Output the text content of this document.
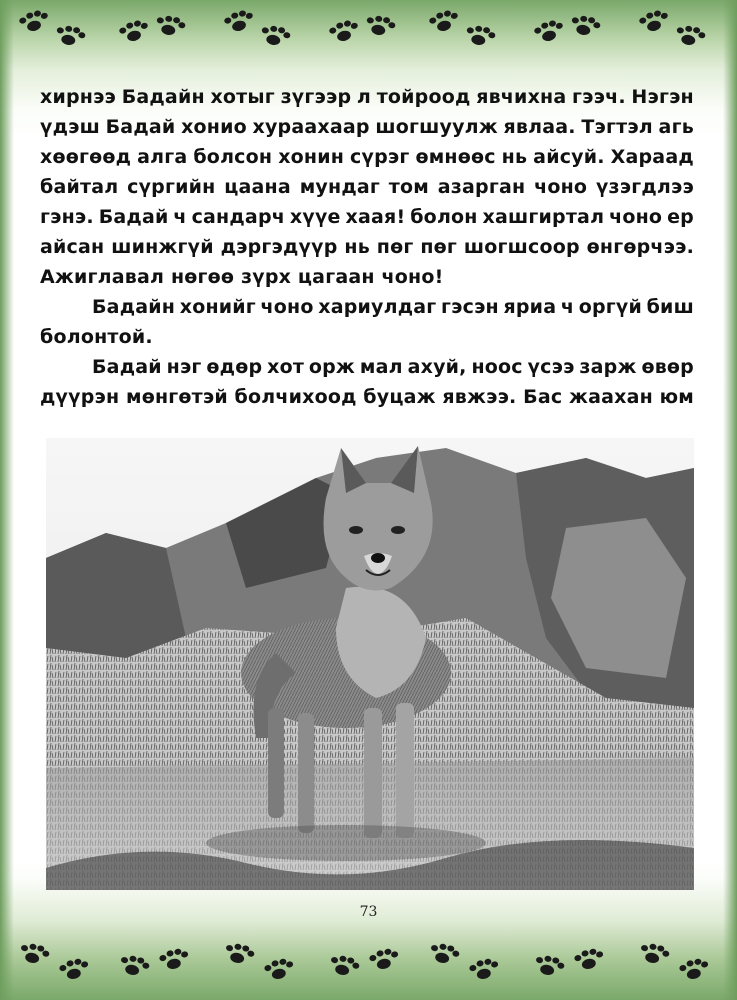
хирнээ Бадайн хотыг зүгээр л тойроод явчихна гээч. Нэгэн
үдэш Бадай хонио хураахаар шогшуулж явлаа. Тэгтэл агь
хөөгөөд алга болсон хонин сүрэг өмнөөс нь айсуй. Хараад
байтал сүргийн цаана мундаг том азарган чоно үзэгдлээ
гэнэ. Бадай ч сандарч хүүе хаая! болон хашгиртал чоно ер
айсан шинжгүй дэргэдүүр нь пөг пөг шогшсоор өнгөрчээ.
Ажиглавал нөгөө зүрх цагаан чоно!
Бадайн хонийг чоно хариулдаг гэсэн яриа ч оргүй биш
болонтой.
Бадай нэг өдөр хот орж мал ахуй, ноос үсээ зарж өвөр
дүүрэн мөнгөтэй болчихоод буцаж явжээ. Бас жаахан юм
73
